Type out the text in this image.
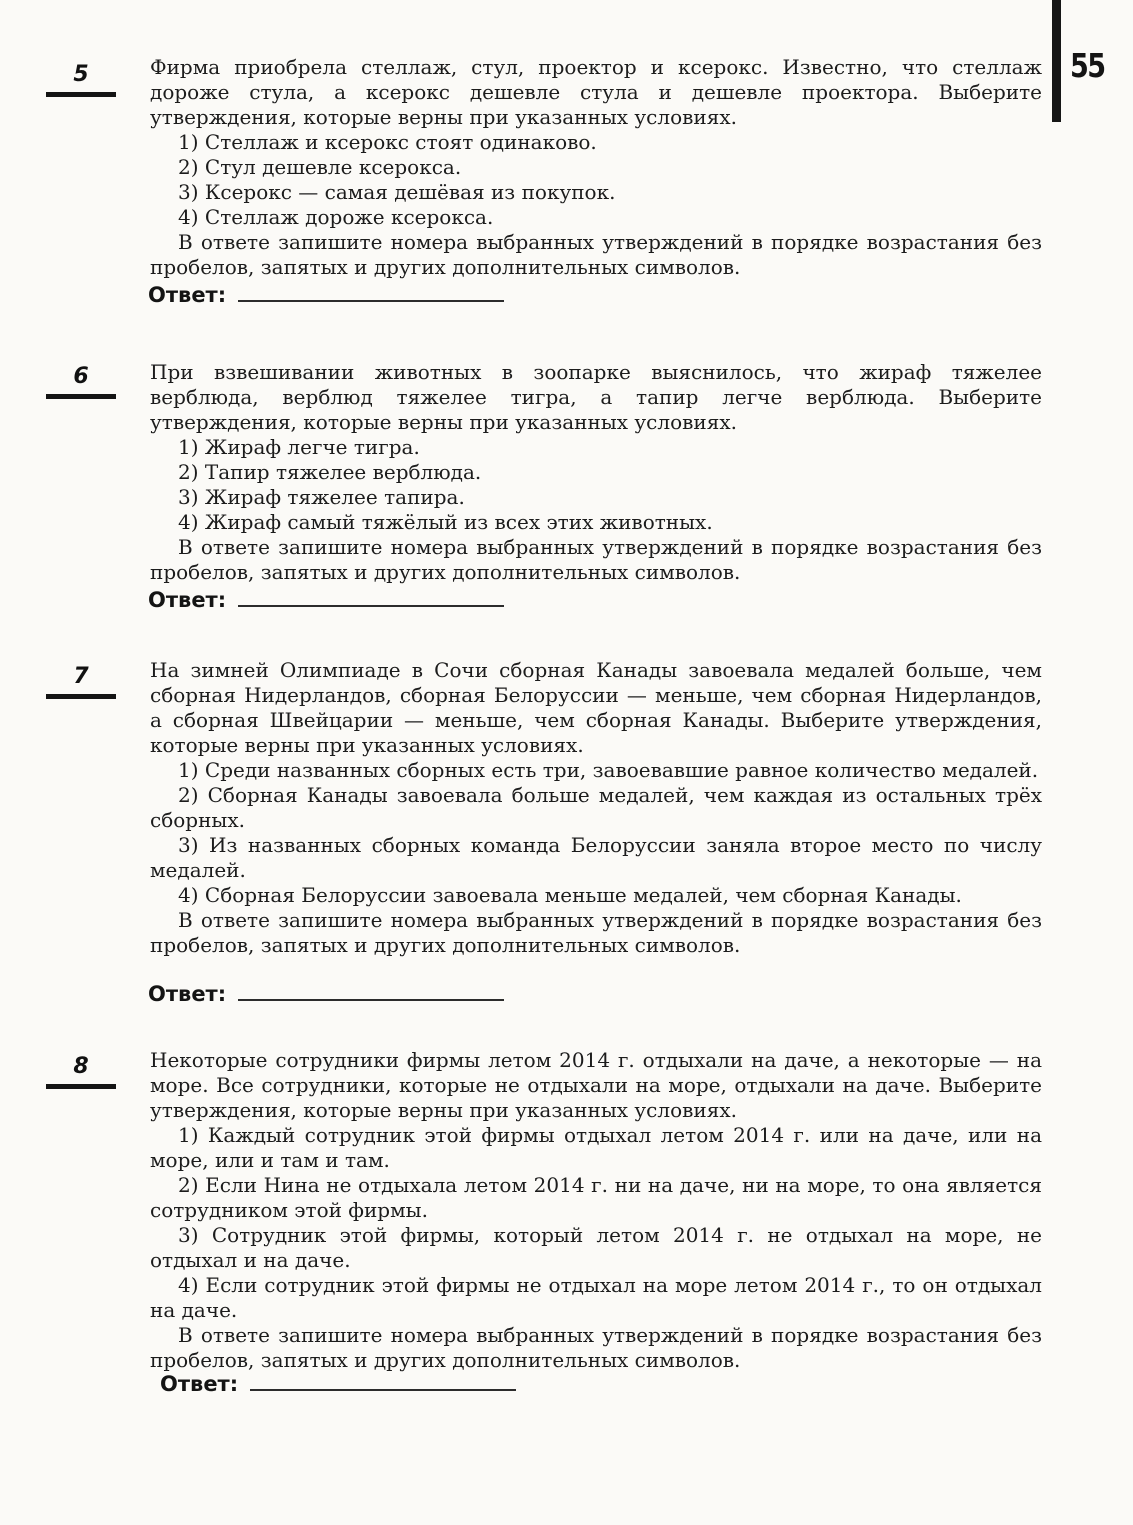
55
5	Фирма приобрела стеллаж, стул, проектор и ксерокс. Известно, что стеллаж дороже стула, а ксерокс дешевле стула и дешевле проектора. Выберите утверждения, которые верны при указанных условиях.

1) Стеллаж и ксерокс стоят одинаково.

2) Стул дешевле ксерокса.

3) Ксерокс — самая дешёвая из покупок.

4) Стеллаж дороже ксерокса.

В ответе запишите номера выбранных утверждений в порядке возрастания без пробелов, запятых и других дополнительных символов.

Ответ:
6	При взвешивании животных в зоопарке выяснилось, что жираф тяжелее верблюда, верблюд тяжелее тигра, а тапир легче верблюда. Выберите утверждения, которые верны при указанных условиях.

1) Жираф легче тигра.

2) Тапир тяжелее верблюда.

3) Жираф тяжелее тапира.

4) Жираф самый тяжёлый из всех этих животных.

В ответе запишите номера выбранных утверждений в порядке возрастания без пробелов, запятых и других дополнительных символов.

Ответ:
7	На зимней Олимпиаде в Сочи сборная Канады завоевала медалей больше, чем сборная Нидерландов, сборная Белоруссии — меньше, чем сборная Нидерландов, а сборная Швейцарии — меньше, чем сборная Канады. Выберите утверждения, которые верны при указанных условиях.

1) Среди названных сборных есть три, завоевавшие равное количество медалей.

2) Сборная Канады завоевала больше медалей, чем каждая из остальных трёх сборных.

3) Из названных сборных команда Белоруссии заняла второе место по числу медалей.

4) Сборная Белоруссии завоевала меньше медалей, чем сборная Канады.

В ответе запишите номера выбранных утверждений в порядке возрастания без пробелов, запятых и других дополнительных символов.

Ответ:
8	Некоторые сотрудники фирмы летом 2014 г. отдыхали на даче, а некоторые — на море. Все сотрудники, которые не отдыхали на море, отдыхали на даче. Выберите утверждения, которые верны при указанных условиях.

1) Каждый сотрудник этой фирмы отдыхал летом 2014 г. или на даче, или на море, или и там и там.

2) Если Нина не отдыхала летом 2014 г. ни на даче, ни на море, то она является сотрудником этой фирмы.

3) Сотрудник этой фирмы, который летом 2014 г. не отдыхал на море, не отдыхал и на даче.

4) Если сотрудник этой фирмы не отдыхал на море летом 2014 г., то он отдыхал на даче.

В ответе запишите номера выбранных утверждений в порядке возрастания без пробелов, запятых и других дополнительных символов.

Ответ:
